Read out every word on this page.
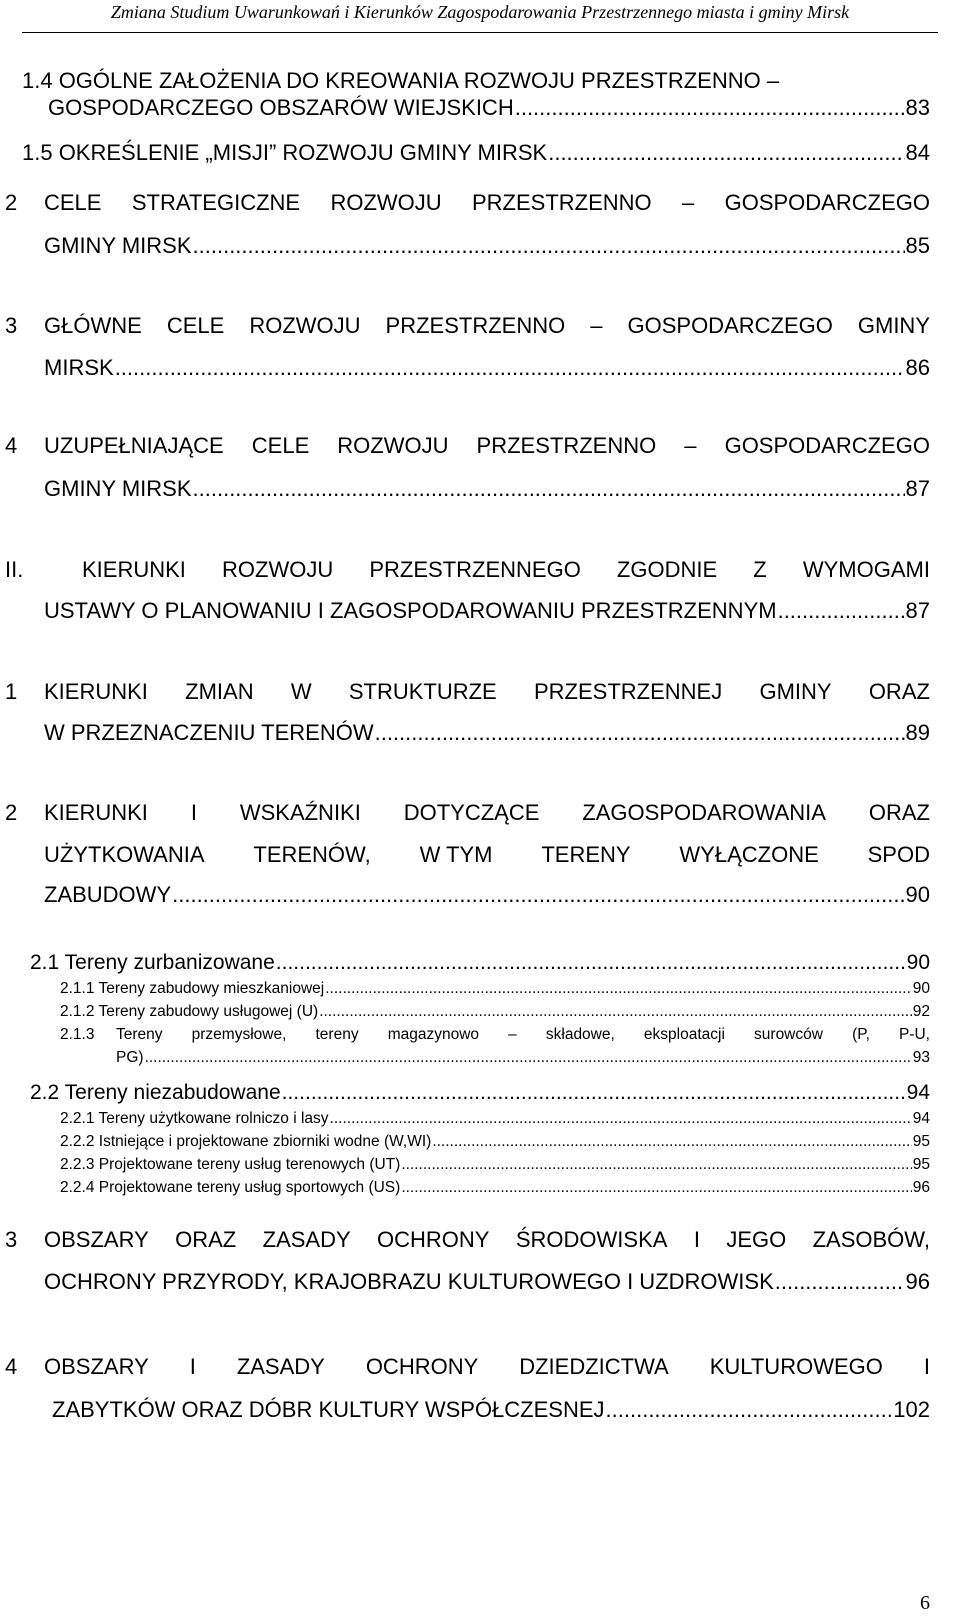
Zmiana Studium Uwarunkowań i Kierunków Zagospodarowania Przestrzennego miasta i gminy Mirsk
1.4 OGÓLNE ZAŁOŻENIA DO KREOWANIA ROZWOJU PRZESTRZENNO –
GOSPODARCZEGO OBSZARÓW WIEJSKICH .....	83
1.5 OKREŚLENIE „MISJI” ROZWOJU GMINY MIRSK .....	84
2 CELE STRATEGICZNE ROZWOJU PRZESTRZENNO – GOSPODARCZEGO
GMINY MIRSK .....	85
3 GŁÓWNE CELE ROZWOJU PRZESTRZENNO – GOSPODARCZEGO GMINY
MIRSK .....	86
4 UZUPEŁNIAJĄCE CELE ROZWOJU PRZESTRZENNO – GOSPODARCZEGO
GMINY MIRSK .....	87
II.	KIERUNKI ROZWOJU PRZESTRZENNEGO ZGODNIE Z WYMOGAMI
USTAWY O PLANOWANIU I ZAGOSPODAROWANIU PRZESTRZENNYM .....	87
1 KIERUNKI ZMIAN W STRUKTURZE PRZESTRZENNEJ GMINY ORAZ
W PRZEZNACZENIU TERENÓW .....	89
2 KIERUNKI I WSKAŹNIKI DOTYCZĄCE ZAGOSPODAROWANIA ORAZ
UŻYTKOWANIA TERENÓW, W TYM TERENY WYŁĄCZONE SPOD
ZABUDOWY .....	90
2.1 Tereny zurbanizowane .....	90
2.1.1 Tereny zabudowy mieszkaniowej .....	90
2.1.2 Tereny zabudowy usługowej (U) .....	92
2.1.3 Tereny przemysłowe, tereny magazynowo – składowe, eksploatacji surowców (P, P-U,
PG) .....	93
2.2 Tereny niezabudowane .....	94
2.2.1 Tereny użytkowane rolniczo i lasy .....	94
2.2.2 Istniejące i projektowane zbiorniki wodne (W,WI) .....	95
2.2.3 Projektowane tereny usług terenowych (UT) .....	95
2.2.4 Projektowane tereny usług sportowych (US) .....	96
3 OBSZARY ORAZ ZASADY OCHRONY ŚRODOWISKA I JEGO ZASOBÓW,
OCHRONY PRZYRODY, KRAJOBRAZU KULTUROWEGO I UZDROWISK .....	96
4 OBSZARY I ZASADY OCHRONY DZIEDZICTWA KULTUROWEGO I
ZABYTKÓW ORAZ DÓBR KULTURY WSPÓŁCZESNEJ .....	102
6
